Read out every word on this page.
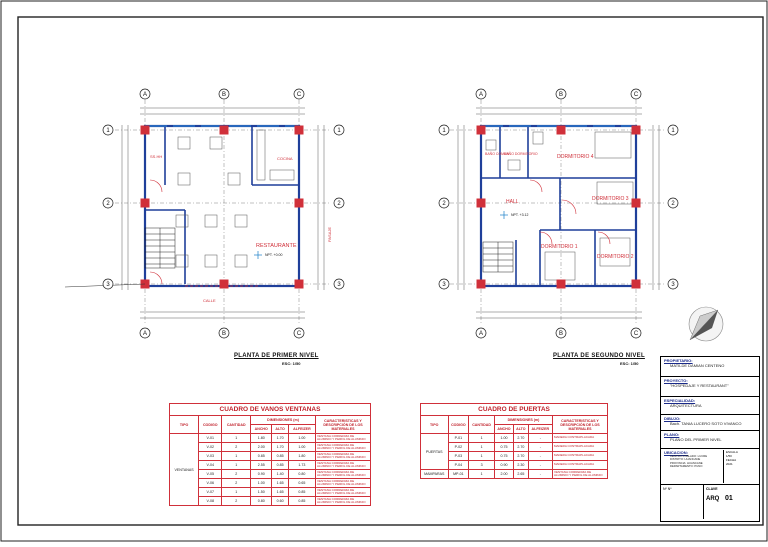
SS.HH	COCINA
RESTAURANTE
CALLE
PASAJE
NPT. +0.00
A	B	C
A	B	C
1
2
3
1
2
3
BAÑO COMUN
BAÑO DORMITORIO	DORMITORIO 4
DORMITORIO 3
HALL
DORMITORIO 1
DORMITORIO 2
NPT. +3.12
A	B	C
A	B	C
1
2
3
1
2
3
PLANTA DE PRIMER NIVEL
ESC: 1/50
PLANTA DE SEGUNDO NIVEL
ESC: 1/50
CUADRO DE VANOS VENTANAS						
TIPO	CODIGO	CANTIDAD	DIMENSIONES (m)			CARACTERISTICAS Y DESCRIPCIÓN DE LOS MATERIALES
			ANCHO	ALTO	ALFEIZER	
VENTANAS	V-01	1	1.80	1.70	1.00	VENTANA CORREDIZA DE ALUMINIO Y PERFIL DE ALUMINIO
	V-02	2	2.00	1.70	1.00	VENTANA CORREDIZA DE ALUMINIO Y PERFIL DE ALUMINIO
	V-03	1	0.85	0.85	1.80	VENTANA CORREDIZA DE ALUMINIO Y PERFIL DE ALUMINIO
	V-04	1	2.55	0.85	1.73	VENTANA CORREDIZA DE ALUMINIO Y PERFIL DE ALUMINIO
	V-05	2	0.90	1.40	0.80	VENTANA CORREDIZA DE ALUMINIO Y PERFIL DE ALUMINIO
	V-06	2	1.00	1.65	0.65	VENTANA CORREDIZA DE ALUMINIO Y PERFIL DE ALUMINIO
	V-07	1	1.50	1.65	0.85	VENTANA CORREDIZA DE ALUMINIO Y PERFIL DE ALUMINIO
	V-08	2	0.80	0.60	0.85	VENTANA CORREDIZA DE ALUMINIO Y PERFIL DE ALUMINIO
CUADRO DE PUERTAS						
TIPO	CODIGO	CANTIDAD	DIMENSIONES (m)			CARACTERISTICAS Y DESCRIPCIÓN DE LOS MATERIALES
			ANCHO	ALTO	ALFEIZER	
PUERTAS	P-01	1	1.00	2.70	-	MADERA CONTRAPLACADA
	P-02	1	0.75	2.70	-	MADERA CONTRAPLACADA
	P-03	1	0.75	2.70	-	MADERA CONTRAPLACADA
	P-04	3	0.90	2.30	-	MADERA CONTRAPLACADA
MAMPARAS	MP-01	1	2.00	2.65	-	VENTANA CORREDIZA DE ALUMINIO Y PERFIL DE ALUMINIO
PROPIETARIO:
MATILDE DAMIAN CENTENO
PROYECTO:
"HOSPEDAJE Y RESTAURANT"
ESPECIALIDAD:
ARQUITECTURA
DIBUJO:
Bach. TANIA LUCERO SOTO VIVANCO
PLANO:
PLANO DEL PRIMER NIVEL
UBICACION:
CENTRO POBLADO: LUCRE
DISTRITO: HUANCANE
PROVINCIA: HUANCANE
DEPARTAMENTO: PUNO
ESCALA
1/50
FECHA
2021
Nº Nº	CLAVE
ARQ 01
